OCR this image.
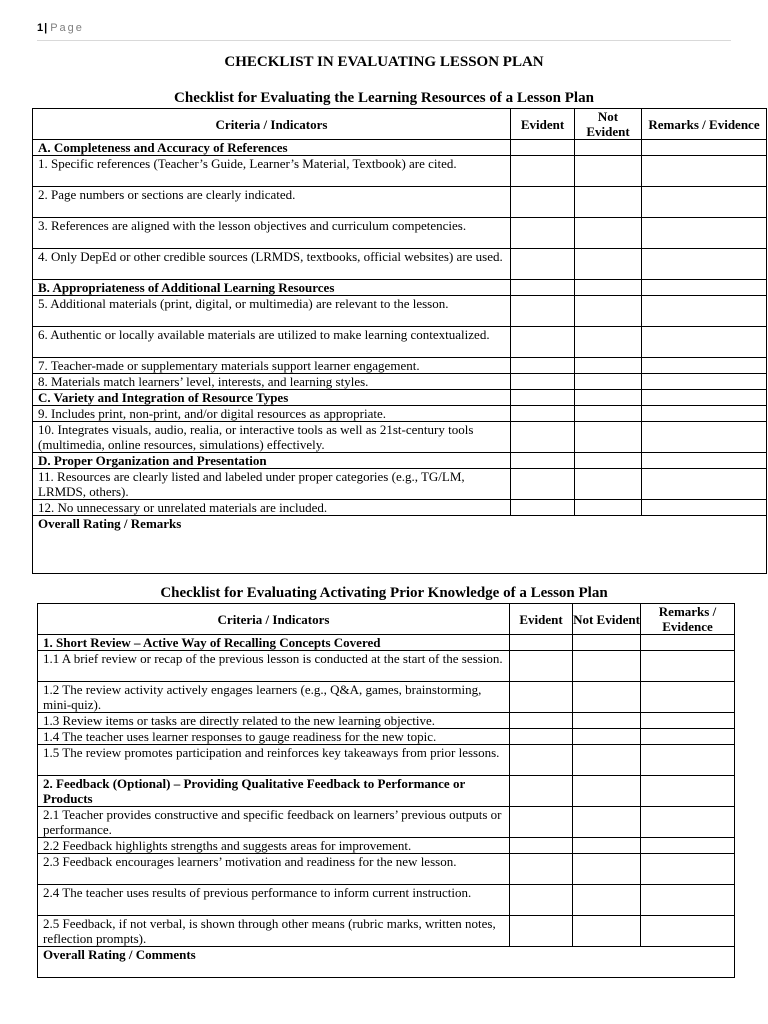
1| Page
CHECKLIST IN EVALUATING LESSON PLAN
Checklist for Evaluating the Learning Resources of a Lesson Plan
Criteria / Indicators	Evident	Not Evident	Remarks / Evidence
A. Completeness and Accuracy of References			
1. Specific references (Teacher’s Guide, Learner’s Material, Textbook) are cited.			
2. Page numbers or sections are clearly indicated.			
3. References are aligned with the lesson objectives and curriculum competencies.			
4. Only DepEd or other credible sources (LRMDS, textbooks, official websites) are used.			
B. Appropriateness of Additional Learning Resources			
5. Additional materials (print, digital, or multimedia) are relevant to the lesson.			
6. Authentic or locally available materials are utilized to make learning contextualized.			
7. Teacher-made or supplementary materials support learner engagement.			
8. Materials match learners’ level, interests, and learning styles.			
C. Variety and Integration of Resource Types			
9. Includes print, non-print, and/or digital resources as appropriate.			
10. Integrates visuals, audio, realia, or interactive tools as well as 21st-century tools (multimedia, online resources, simulations) effectively.			
D. Proper Organization and Presentation			
11. Resources are clearly listed and labeled under proper categories (e.g., TG/LM, LRMDS, others).			
12. No unnecessary or unrelated materials are included.			
Overall Rating / Remarks			
Checklist for Evaluating Activating Prior Knowledge of a Lesson Plan
Criteria / Indicators	Evident	Not Evident	Remarks / Evidence
1. Short Review – Active Way of Recalling Concepts Covered			
1.1 A brief review or recap of the previous lesson is conducted at the start of the session.			
1.2 The review activity actively engages learners (e.g., Q&A, games, brainstorming, mini-quiz).			
1.3 Review items or tasks are directly related to the new learning objective.			
1.4 The teacher uses learner responses to gauge readiness for the new topic.			
1.5 The review promotes participation and reinforces key takeaways from prior lessons.			
2. Feedback (Optional) – Providing Qualitative Feedback to Performance or Products			
2.1 Teacher provides constructive and specific feedback on learners’ previous outputs or performance.			
2.2 Feedback highlights strengths and suggests areas for improvement.			
2.3 Feedback encourages learners’ motivation and readiness for the new lesson.			
2.4 The teacher uses results of previous performance to inform current instruction.			
2.5 Feedback, if not verbal, is shown through other means (rubric marks, written notes, reflection prompts).			
Overall Rating / Comments			
